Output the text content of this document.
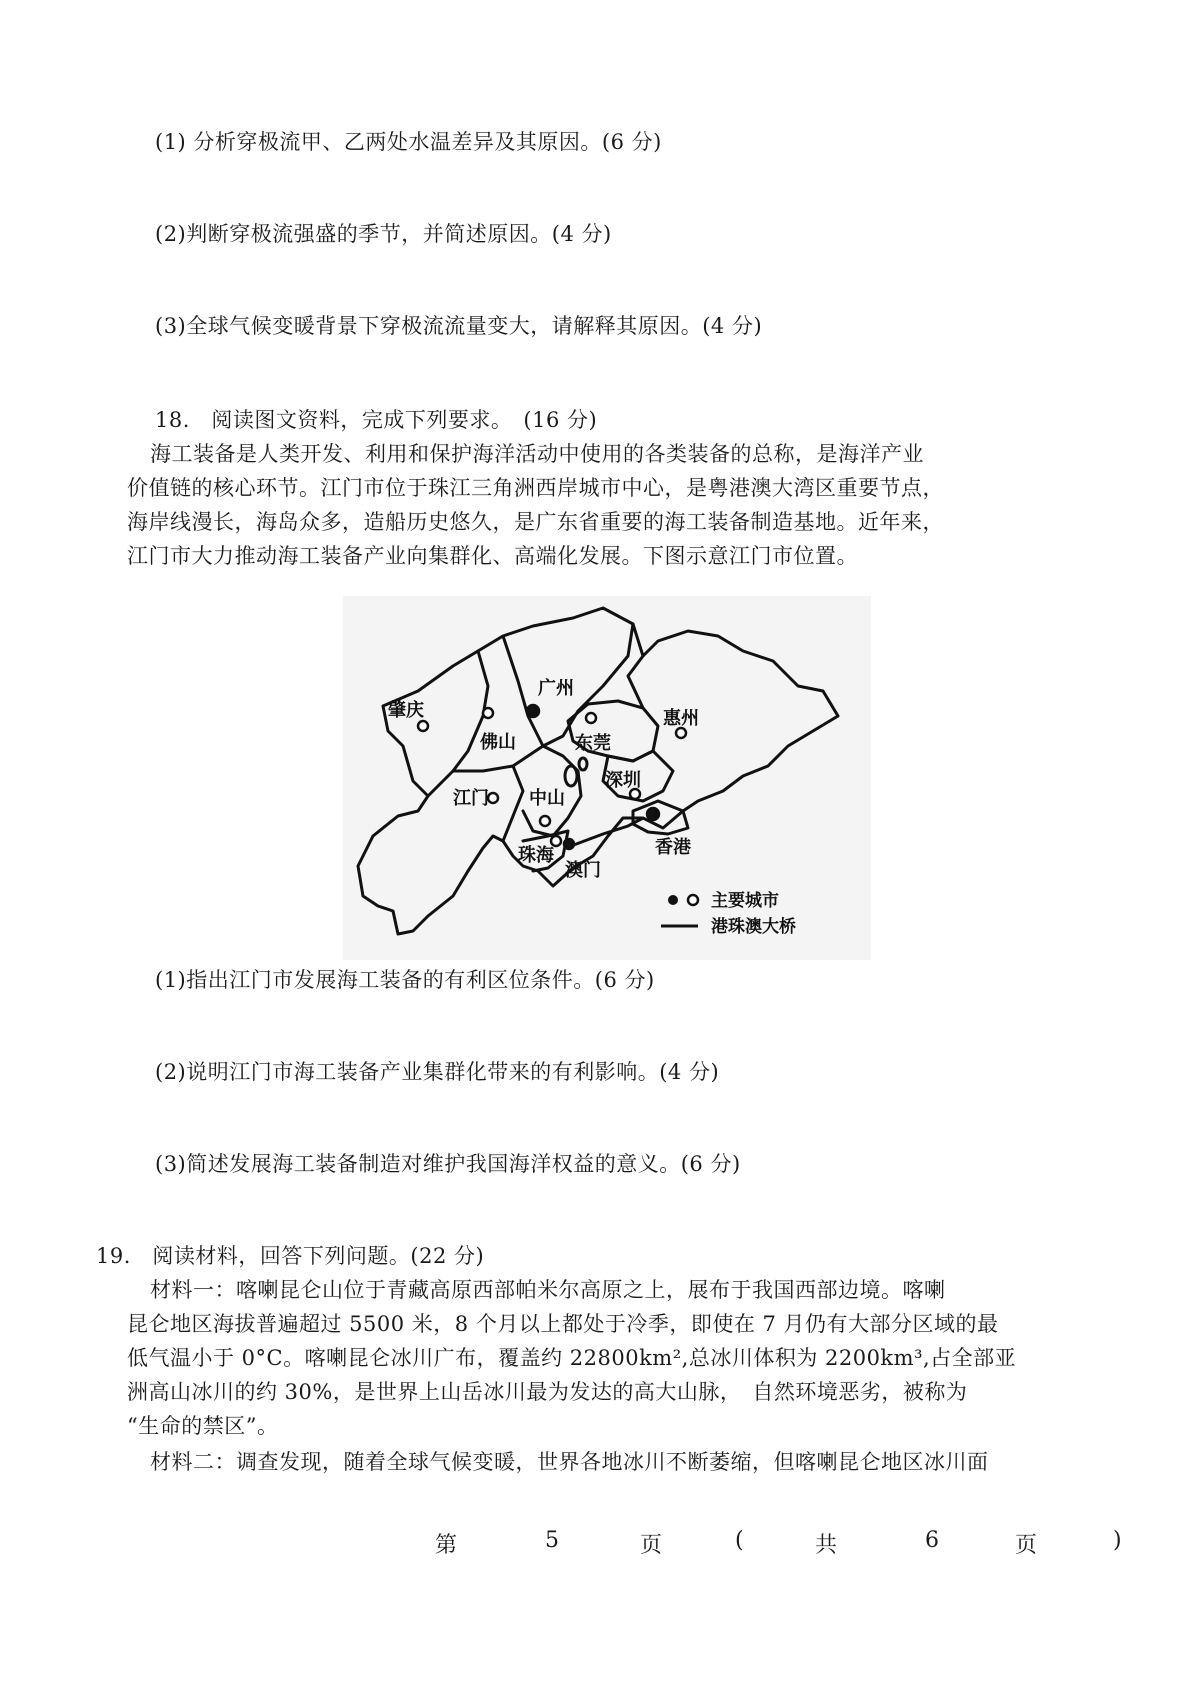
(1) 分析穿极流甲、乙两处水温差异及其原因。(6 分)
(2)判断穿极流强盛的季节，并简述原因。(4 分)
(3)全球气候变暖背景下穿极流流量变大，请解释其原因。(4 分)
18.　阅读图文资料，完成下列要求。　(16 分)
海工装备是人类开发、利用和保护海洋活动中使用的各类装备的总称，是海洋产业
价值链的核心环节。江门市位于珠江三角洲西岸城市中心，是粤港澳大湾区重要节点，
海岸线漫长，海岛众多，造船历史悠久，是广东省重要的海工装备制造基地。近年来，
江门市大力推动海工装备产业向集群化、高端化发展。下图示意江门市位置。
肇庆
广州
佛山	东莞
惠州
深圳
江门 中山
珠海
澳门
香港
主要城市
港珠澳大桥
(1)指出江门市发展海工装备的有利区位条件。(6 分)
(2)说明江门市海工装备产业集群化带来的有利影响。(4 分)
(3)简述发展海工装备制造对维护我国海洋权益的意义。(6 分)
19.　阅读材料，回答下列问题。(22 分)
材料一：喀喇昆仑山位于青藏高原西部帕米尔高原之上，展布于我国西部边境。喀喇
昆仑地区海拔普遍超过 5500 米，8 个月以上都处于冷季，即使在 7 月仍有大部分区域的最
低气温小于 0°C。喀喇昆仑冰川广布，覆盖约 22800km²,总冰川体积为 2200km³,占全部亚
洲高山冰川的约 30%，是世界上山岳冰川最为发达的高大山脉，　自然环境恶劣，被称为
“生命的禁区”。
材料二：调查发现，随着全球气候变暖，世界各地冰川不断萎缩，但喀喇昆仑地区冰川面
第	5	页	(	共	6	页	)
